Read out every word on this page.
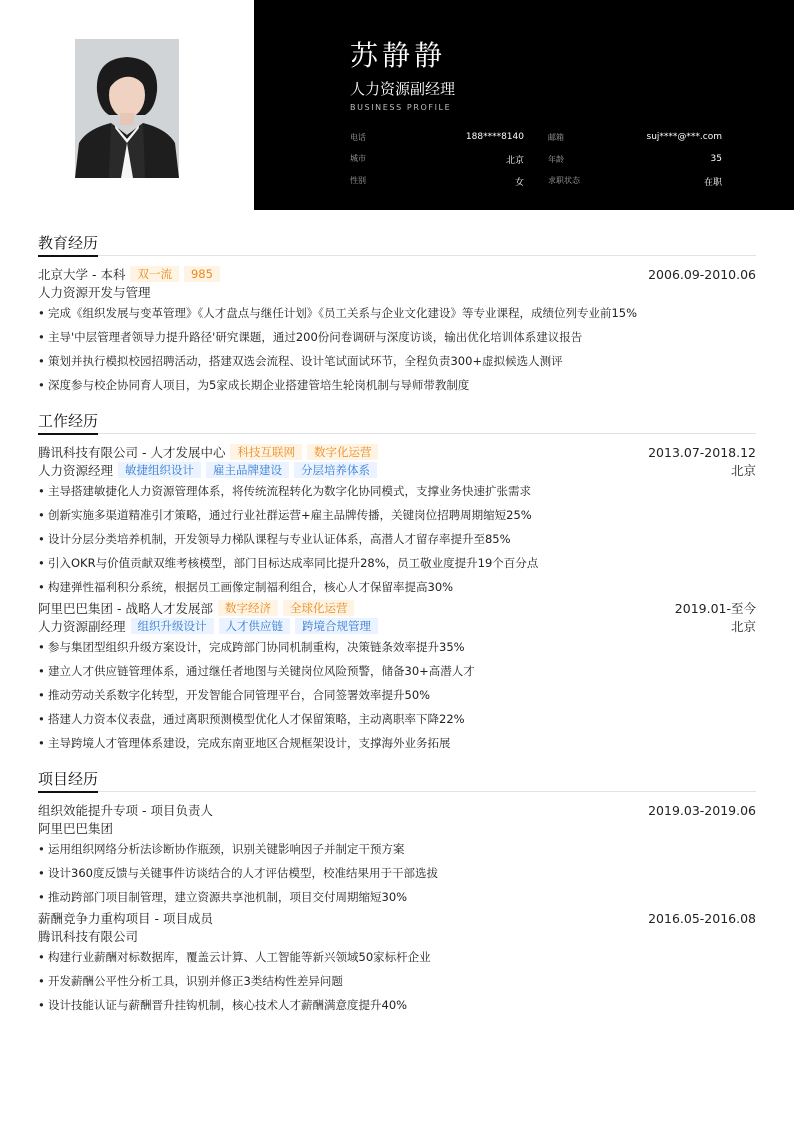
苏静静
人力资源副经理
BUSINESS PROFILE
电话	188****8140	邮箱	suj****@***.com
城市	北京	年龄	35
性别	女	求职状态	在职
教育经历
北京大学 - 本科	双一流	985	2006.09-2010.06
人力资源开发与管理
• 完成《组织发展与变革管理》《人才盘点与继任计划》《员工关系与企业文化建设》等专业课程，成绩位列专业前15%
• 主导'中层管理者领导力提升路径'研究课题，通过200份问卷调研与深度访谈，输出优化培训体系建议报告
• 策划并执行模拟校园招聘活动，搭建双选会流程、设计笔试面试环节，全程负责300+虚拟候选人测评
• 深度参与校企协同育人项目，为5家成长期企业搭建管培生轮岗机制与导师带教制度
工作经历
腾讯科技有限公司 - 人才发展中心	科技互联网	数字化运营	2013.07-2018.12
人力资源经理	敏捷组织设计	雇主品牌建设	分层培养体系	北京
• 主导搭建敏捷化人力资源管理体系，将传统流程转化为数字化协同模式，支撑业务快速扩张需求
• 创新实施多渠道精准引才策略，通过行业社群运营+雇主品牌传播，关键岗位招聘周期缩短25%
• 设计分层分类培养机制，开发领导力梯队课程与专业认证体系，高潜人才留存率提升至85%
• 引入OKR与价值贡献双维考核模型，部门目标达成率同比提升28%，员工敬业度提升19个百分点
• 构建弹性福利积分系统，根据员工画像定制福利组合，核心人才保留率提高30%
阿里巴巴集团 - 战略人才发展部	数字经济	全球化运营	2019.01-至今
人力资源副经理	组织升级设计	人才供应链	跨境合规管理	北京
• 参与集团型组织升级方案设计，完成跨部门协同机制重构，决策链条效率提升35%
• 建立人才供应链管理体系，通过继任者地图与关键岗位风险预警，储备30+高潜人才
• 推动劳动关系数字化转型，开发智能合同管理平台，合同签署效率提升50%
• 搭建人力资本仪表盘，通过离职预测模型优化人才保留策略，主动离职率下降22%
• 主导跨境人才管理体系建设，完成东南亚地区合规框架设计，支撑海外业务拓展
项目经历
组织效能提升专项 - 项目负责人	2019.03-2019.06
阿里巴巴集团
• 运用组织网络分析法诊断协作瓶颈，识别关键影响因子并制定干预方案
• 设计360度反馈与关键事件访谈结合的人才评估模型，校准结果用于干部选拔
• 推动跨部门项目制管理，建立资源共享池机制，项目交付周期缩短30%
薪酬竞争力重构项目 - 项目成员	2016.05-2016.08
腾讯科技有限公司
• 构建行业薪酬对标数据库，覆盖云计算、人工智能等新兴领域50家标杆企业
• 开发薪酬公平性分析工具，识别并修正3类结构性差异问题
• 设计技能认证与薪酬晋升挂钩机制，核心技术人才薪酬满意度提升40%
